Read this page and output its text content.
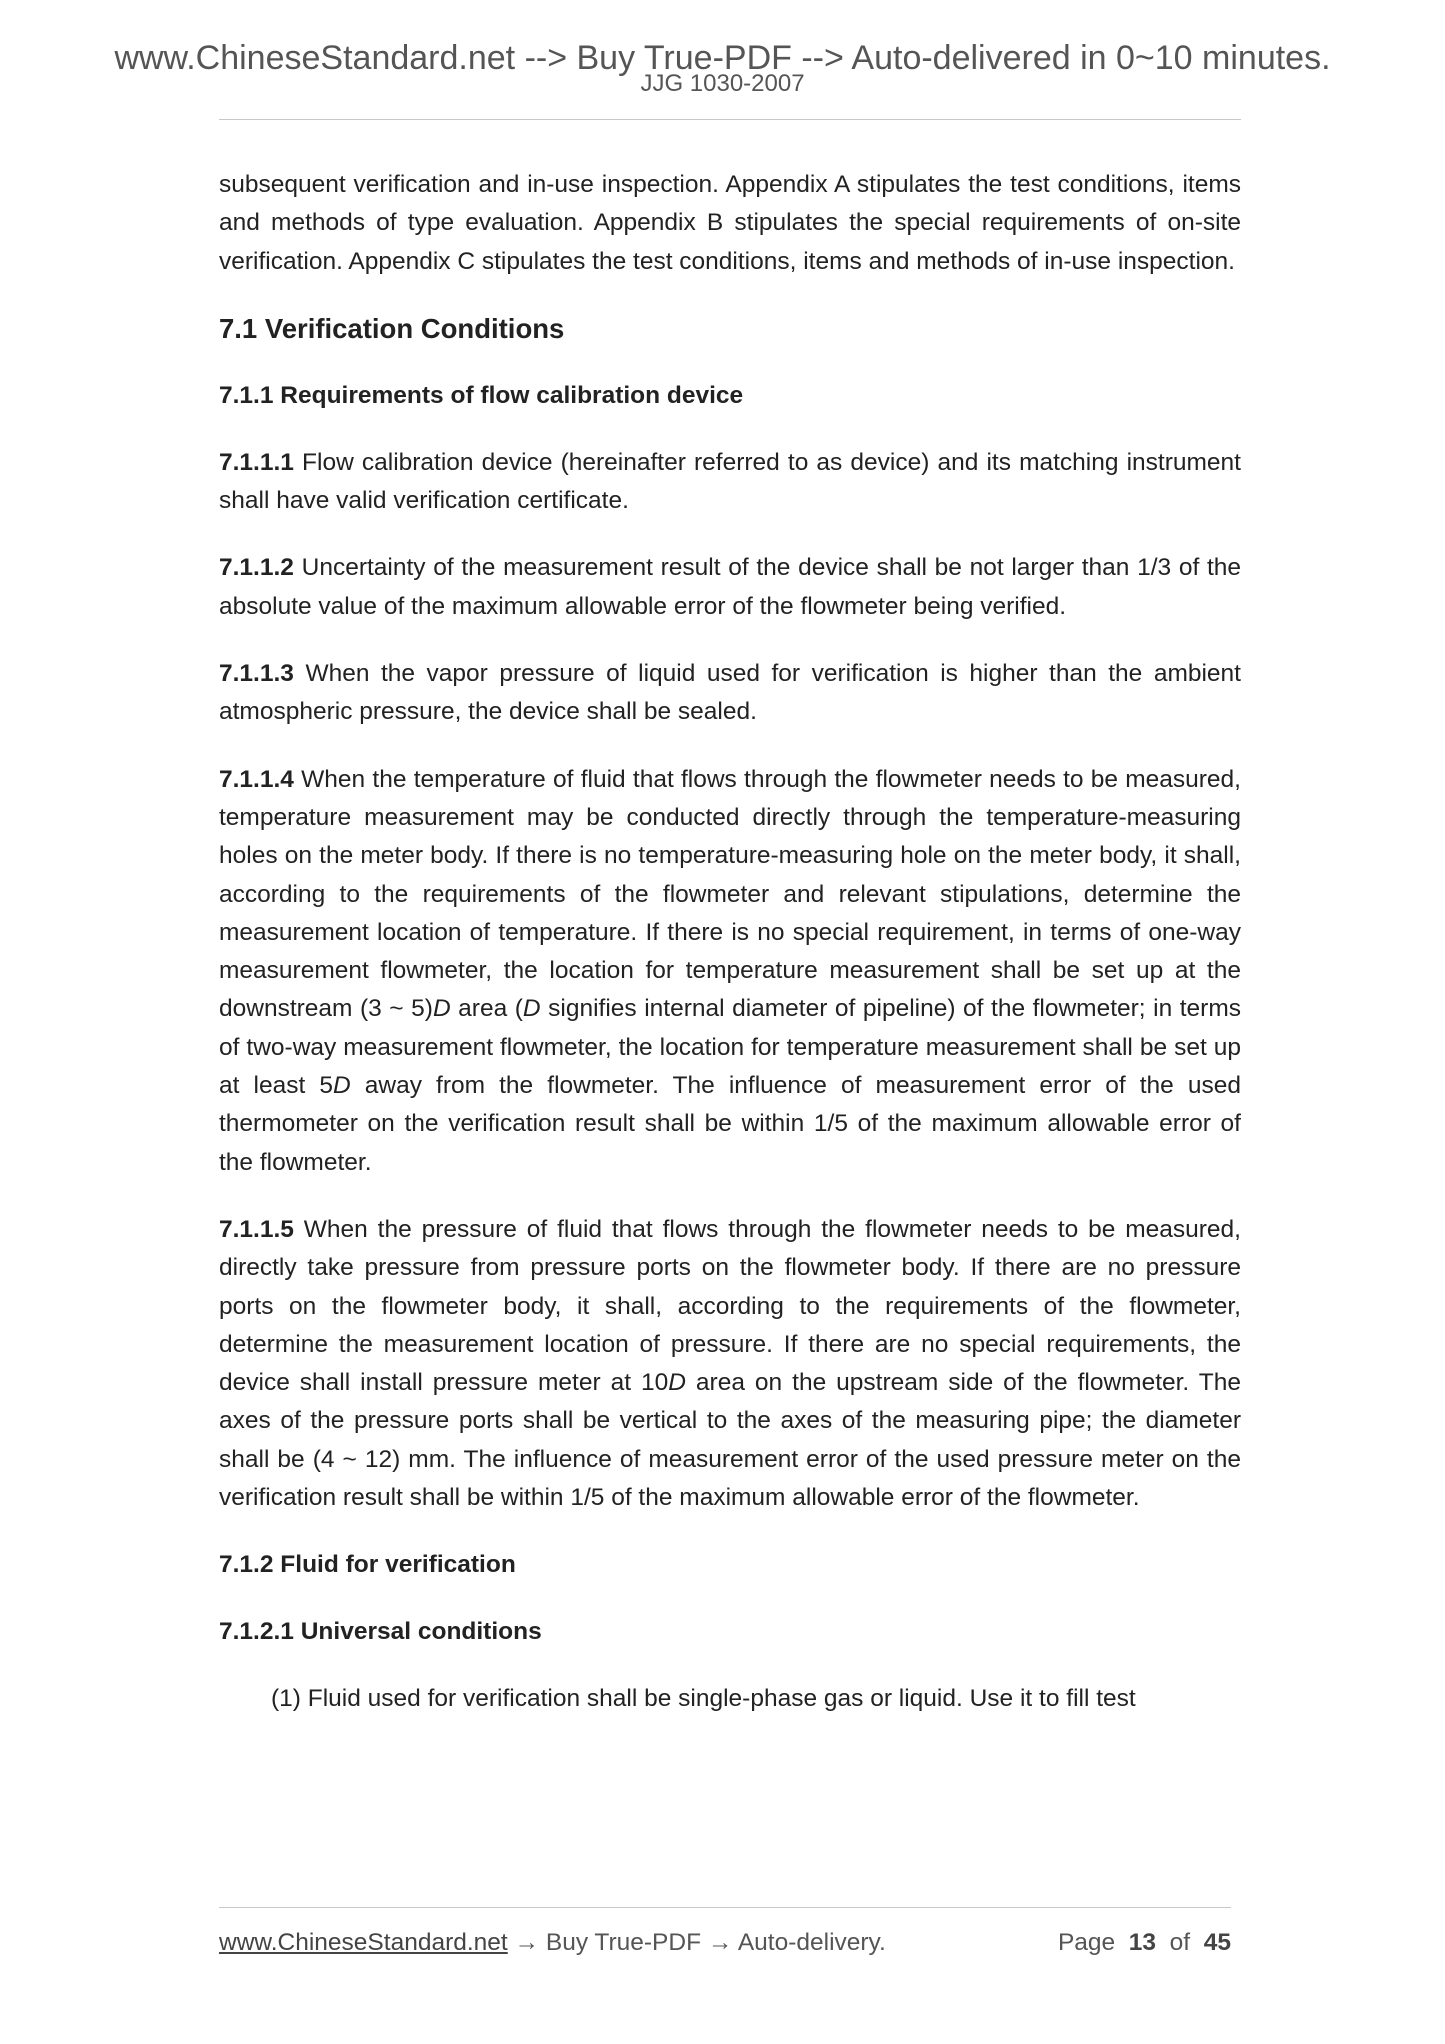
www.ChineseStandard.net --> Buy True-PDF --> Auto-delivered in 0~10 minutes.
JJG 1030-2007

subsequent verification and in-use inspection. Appendix A stipulates the test conditions, items and methods of type evaluation. Appendix B stipulates the special requirements of on-site verification. Appendix C stipulates the test conditions, items and methods of in-use inspection.

7.1 Verification Conditions
7.1.1 Requirements of flow calibration device

7.1.1.1 Flow calibration device (hereinafter referred to as device) and its matching instrument shall have valid verification certificate.

7.1.1.2 Uncertainty of the measurement result of the device shall be not larger than 1/3 of the absolute value of the maximum allowable error of the flowmeter being verified.

7.1.1.3 When the vapor pressure of liquid used for verification is higher than the ambient atmospheric pressure, the device shall be sealed.

7.1.1.4 When the temperature of fluid that flows through the flowmeter needs to be measured, temperature measurement may be conducted directly through the temperature-measuring holes on the meter body. If there is no temperature-measuring hole on the meter body, it shall, according to the requirements of the flowmeter and relevant stipulations, determine the measurement location of temperature. If there is no special requirement, in terms of one-way measurement flowmeter, the location for temperature measurement shall be set up at the downstream (3 ~ 5)D area (D signifies internal diameter of pipeline) of the flowmeter; in terms of two-way measurement flowmeter, the location for temperature measurement shall be set up at least 5D away from the flowmeter. The influence of measurement error of the used thermometer on the verification result shall be within 1/5 of the maximum allowable error of the flowmeter.

7.1.1.5 When the pressure of fluid that flows through the flowmeter needs to be measured, directly take pressure from pressure ports on the flowmeter body. If there are no pressure ports on the flowmeter body, it shall, according to the requirements of the flowmeter, determine the measurement location of pressure. If there are no special requirements, the device shall install pressure meter at 10D area on the upstream side of the flowmeter. The axes of the pressure ports shall be vertical to the axes of the measuring pipe; the diameter shall be (4 ~ 12) mm. The influence of measurement error of the used pressure meter on the verification result shall be within 1/5 of the maximum allowable error of the flowmeter.

7.1.2 Fluid for verification
7.1.2.1 Universal conditions

(1) Fluid used for verification shall be single-phase gas or liquid. Use it to fill test

www.ChineseStandard.net → Buy True-PDF → Auto-delivery.	Page 13 of 45
